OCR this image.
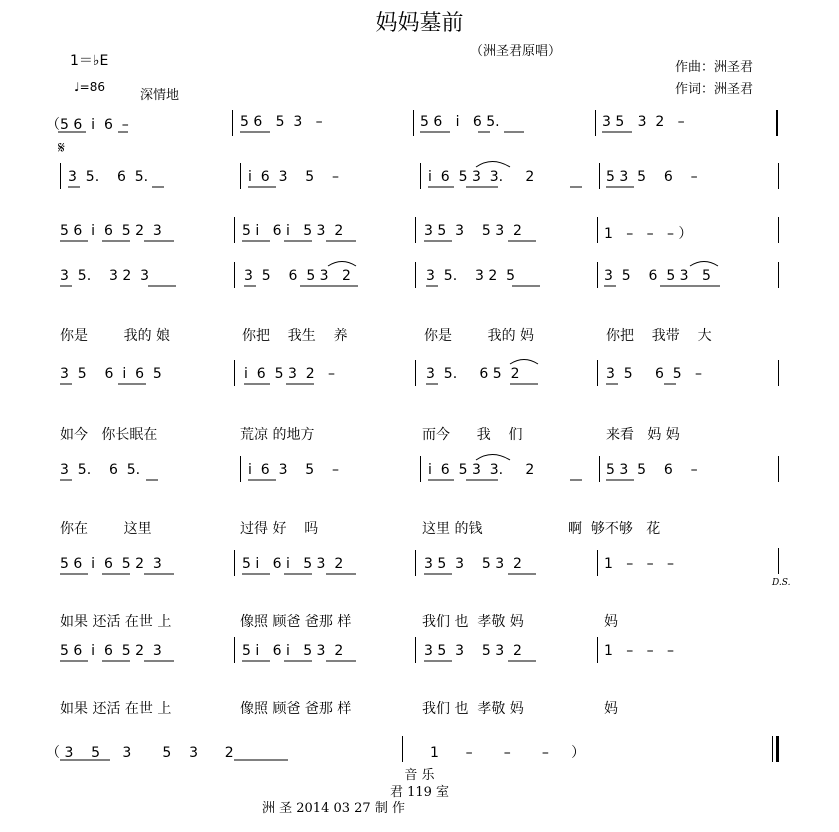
妈妈墓前
（洲圣君原唱）
1＝♭E
♩=86
深情地
作曲：洲圣君
作词：洲圣君
（5 6  i  6  –	5 6   5  3   –	5 6   i   6 5.	3 5   3  2   –
𝄋
3  5.    6  5.	i  6  3    5    –	i  6  5 3  3.     2	5 3  5    6    –
5 6  i  6  5 2  3	5 i   6 i   5 3  2	3 5  3    5 3  2	1   –   –   – ）
3  5.    3 2  3	3  5    6  5 3   2	3  5.    3 2  5	3  5    6  5 3   5
你是        我的 娘	你把    我生    养	你是        我的 妈	你把    我带    大
3  5    6  i  6  5	i  6  5 3  2   –	3  5.     6 5  2	3  5     6  5   –
如今   你长眠在	荒凉 的地方	而今      我    们	来看   妈 妈
3  5.    6  5.	i  6  3    5    –	i  6  5 3  3.     2	5 3  5    6    –
你在        这里	过得 好    吗	这里 的钱	啊  够不够   花
5 6  i  6  5 2  3	5 i   6 i   5 3  2	3 5  3    5 3  2	1   –   –   –
D.S.
如果 还活 在世 上	像照 顾爸 爸那 样	我们 也  孝敬 妈	妈
5 6  i  6  5 2  3	5 i   6 i   5 3  2	3 5  3    5 3  2	1   –   –   –
如果 还活 在世 上	像照 顾爸 爸那 样	我们 也  孝敬 妈	妈
（ 3    5     3       5    3      2	1      –       –       –     ）
音 乐
君 119 室
洲 圣 2014 03 27 制 作
